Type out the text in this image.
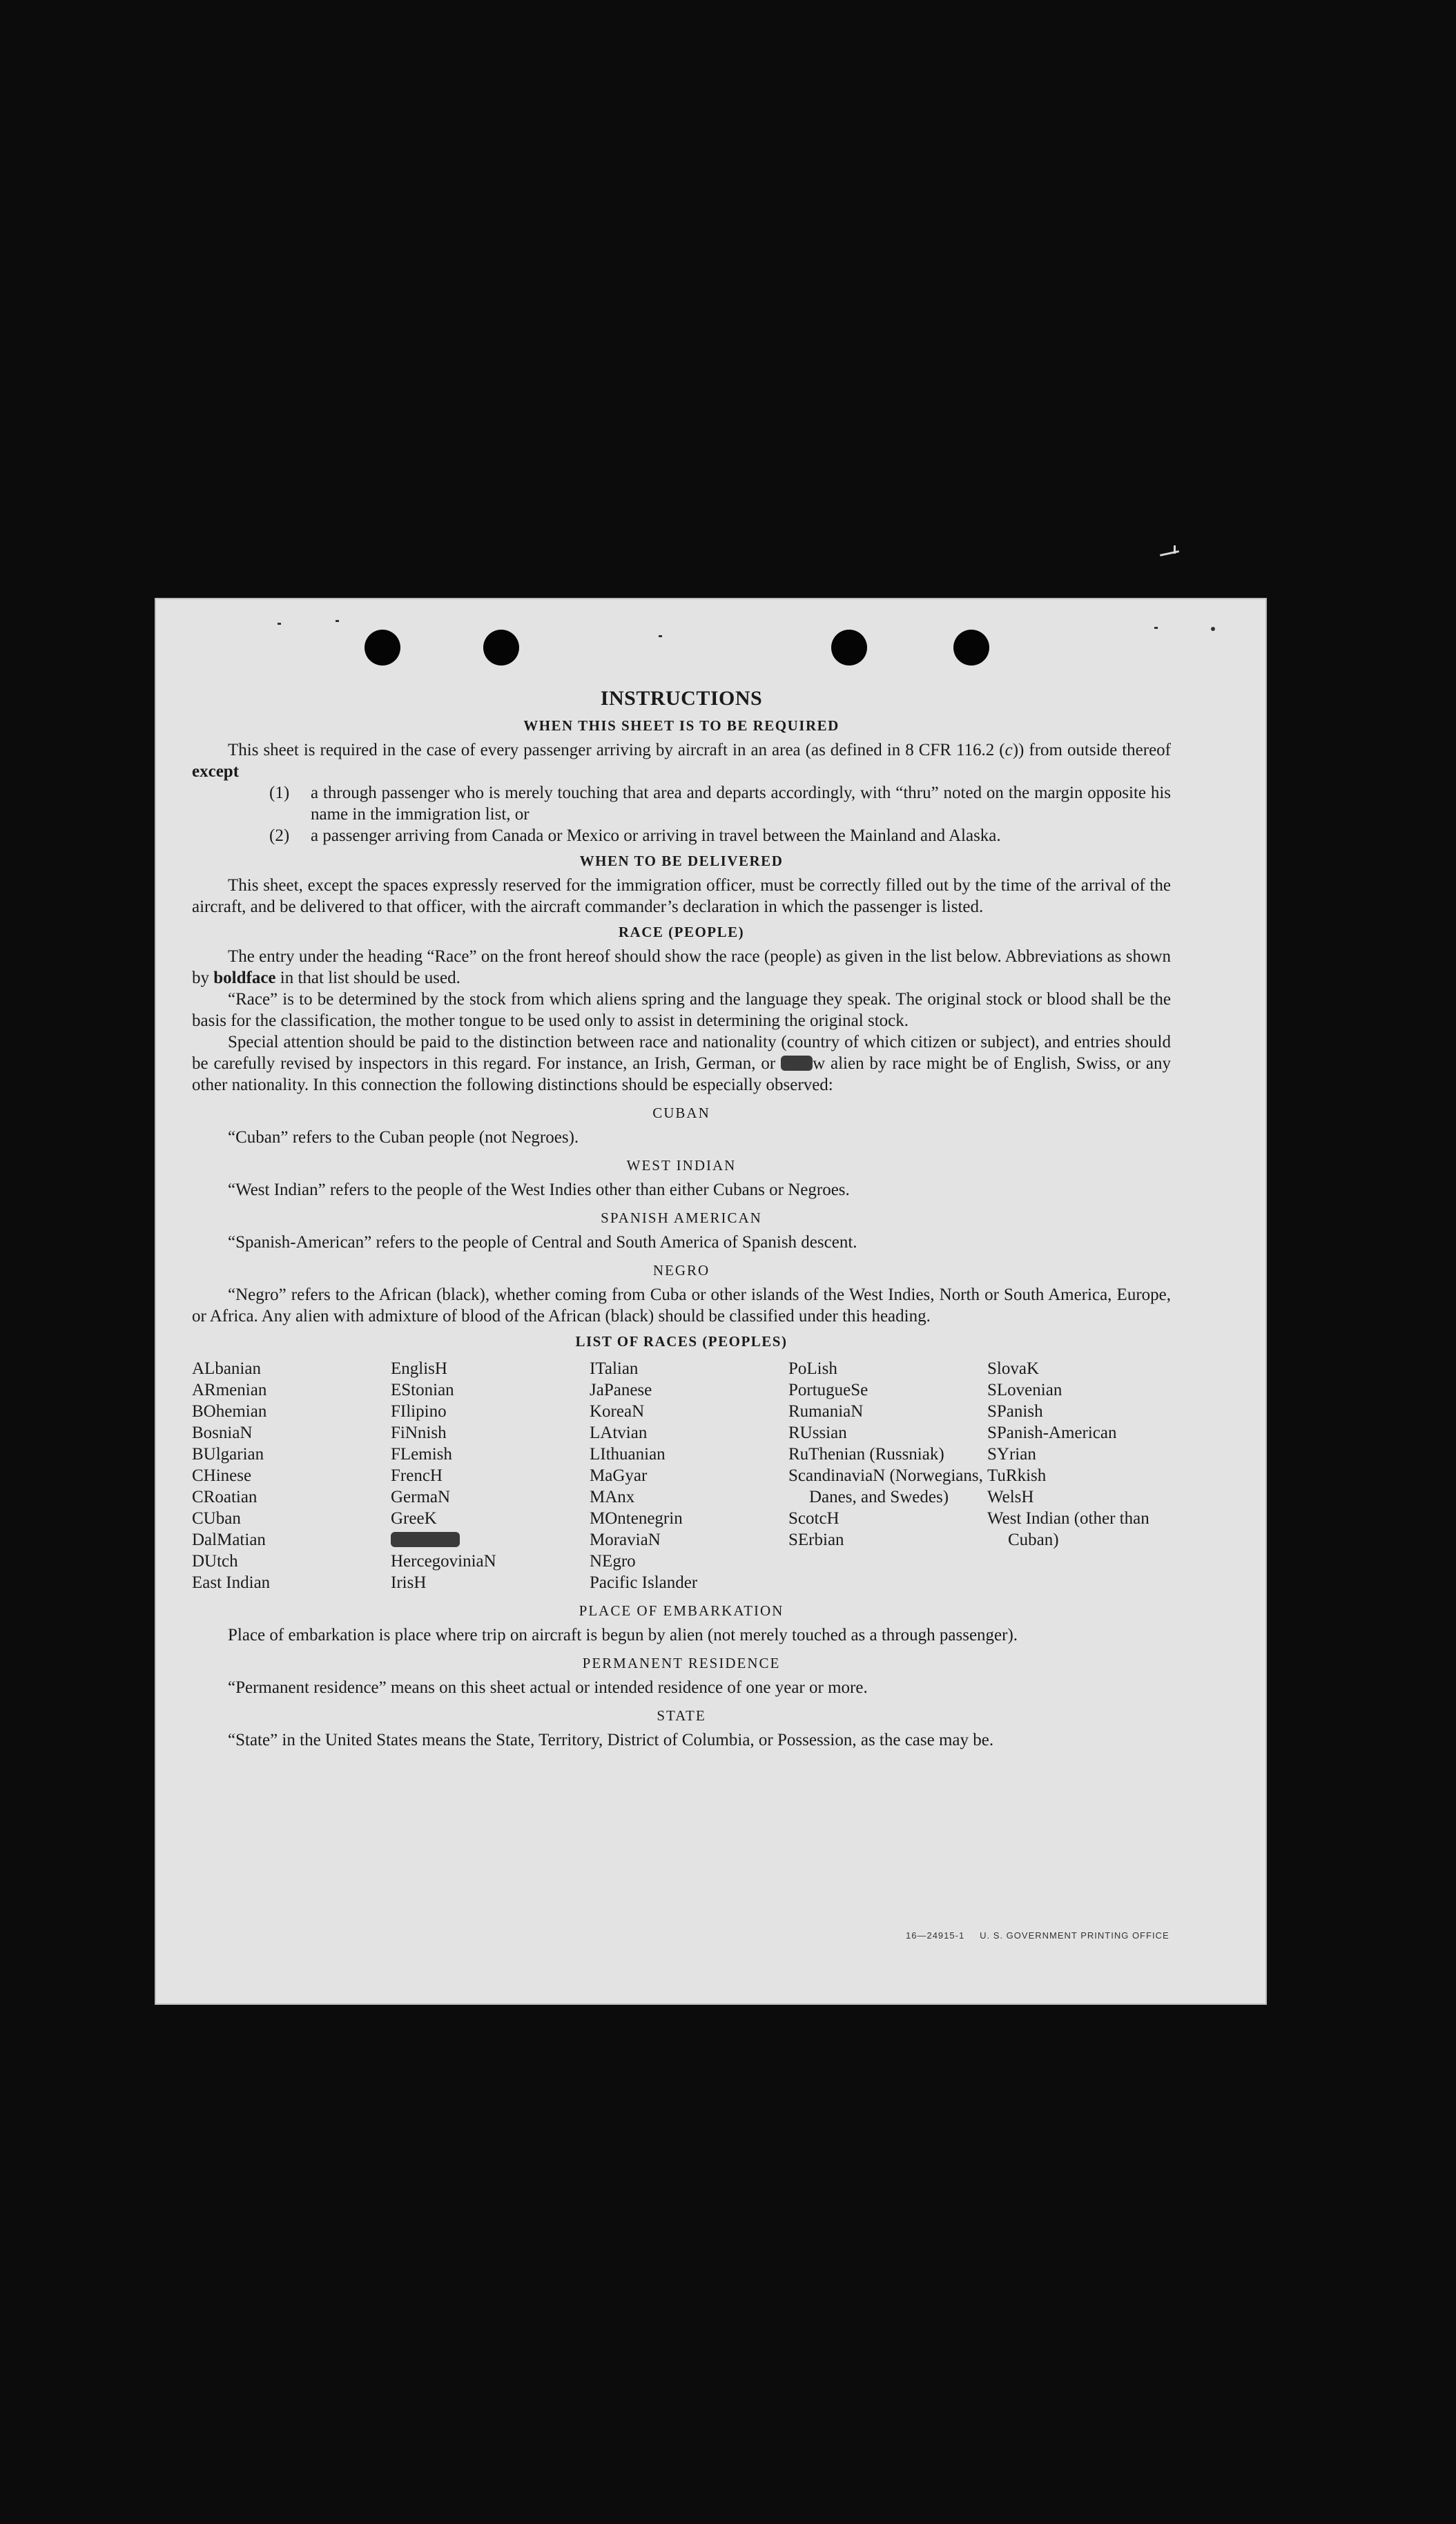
INSTRUCTIONS
WHEN THIS SHEET IS TO BE REQUIRED

This sheet is required in the case of every passenger arriving by aircraft in an area (as defined in 8 CFR 116.2 (c)) from outside thereof except

(1)	a through passenger who is merely touching that area and departs accordingly, with “thru” noted on the margin opposite his name in the immigration list, or
(2)	a passenger arriving from Canada or Mexico or arriving in travel between the Mainland and Alaska.
WHEN TO BE DELIVERED

This sheet, except the spaces expressly reserved for the immigration officer, must be correctly filled out by the time of the arrival of the aircraft, and be delivered to that officer, with the aircraft commander’s declaration in which the passenger is listed.

RACE (PEOPLE)

The entry under the heading “Race” on the front hereof should show the race (people) as given in the list below. Abbreviations as shown by boldface in that list should be used.

“Race” is to be determined by the stock from which aliens spring and the language they speak. The original stock or blood shall be the basis for the classification, the mother tongue to be used only to assist in determining the original stock.

Special attention should be paid to the distinction between race and nationality (country of which citizen or subject), and entries should be carefully revised by inspectors in this regard. For instance, an Irish, German, or w alien by race might be of English, Swiss, or any other nationality. In this connection the following distinctions should be especially observed:

CUBAN

“Cuban” refers to the Cuban people (not Negroes).

WEST INDIAN

“West Indian” refers to the people of the West Indies other than either Cubans or Negroes.

SPANISH AMERICAN

“Spanish-American” refers to the people of Central and South America of Spanish descent.

NEGRO

“Negro” refers to the African (black), whether coming from Cuba or other islands of the West Indies, North or South America, Europe, or Africa. Any alien with admixture of blood of the African (black) should be classified under this heading.

LIST OF RACES (PEOPLES)
ALbanian
ARmenian
BOhemian
BosniaN
BUlgarian
CHinese
CRoatian
CUban
DalMatian
DUtch
East Indian
EnglisH
EStonian
FIlipino
FiNnish
FLemish
FrencH
GermaN
GreeK
HercegoviniaN
IrisH
ITalian
JaPanese
KoreaN
LAtvian
LIthuanian
MaGyar
MAnx
MOntenegrin
MoraviaN
NEgro
Pacific Islander
PoLish
PortugueSe
RumaniaN
RUssian
RuThenian (Russniak)
ScandinaviaN (Norwegians, Danes, and Swedes)
ScotcH
SErbian
SlovaK
SLovenian
SPanish
SPanish-American
SYrian
TuRkish
WelsH
West Indian (other than Cuban)
PLACE OF EMBARKATION

Place of embarkation is place where trip on aircraft is begun by alien (not merely touched as a through passenger).

PERMANENT RESIDENCE

“Permanent residence” means on this sheet actual or intended residence of one year or more.

STATE

“State” in the United States means the State, Territory, District of Columbia, or Possession, as the case may be.

16—24915-1 U. S. GOVERNMENT PRINTING OFFICE
